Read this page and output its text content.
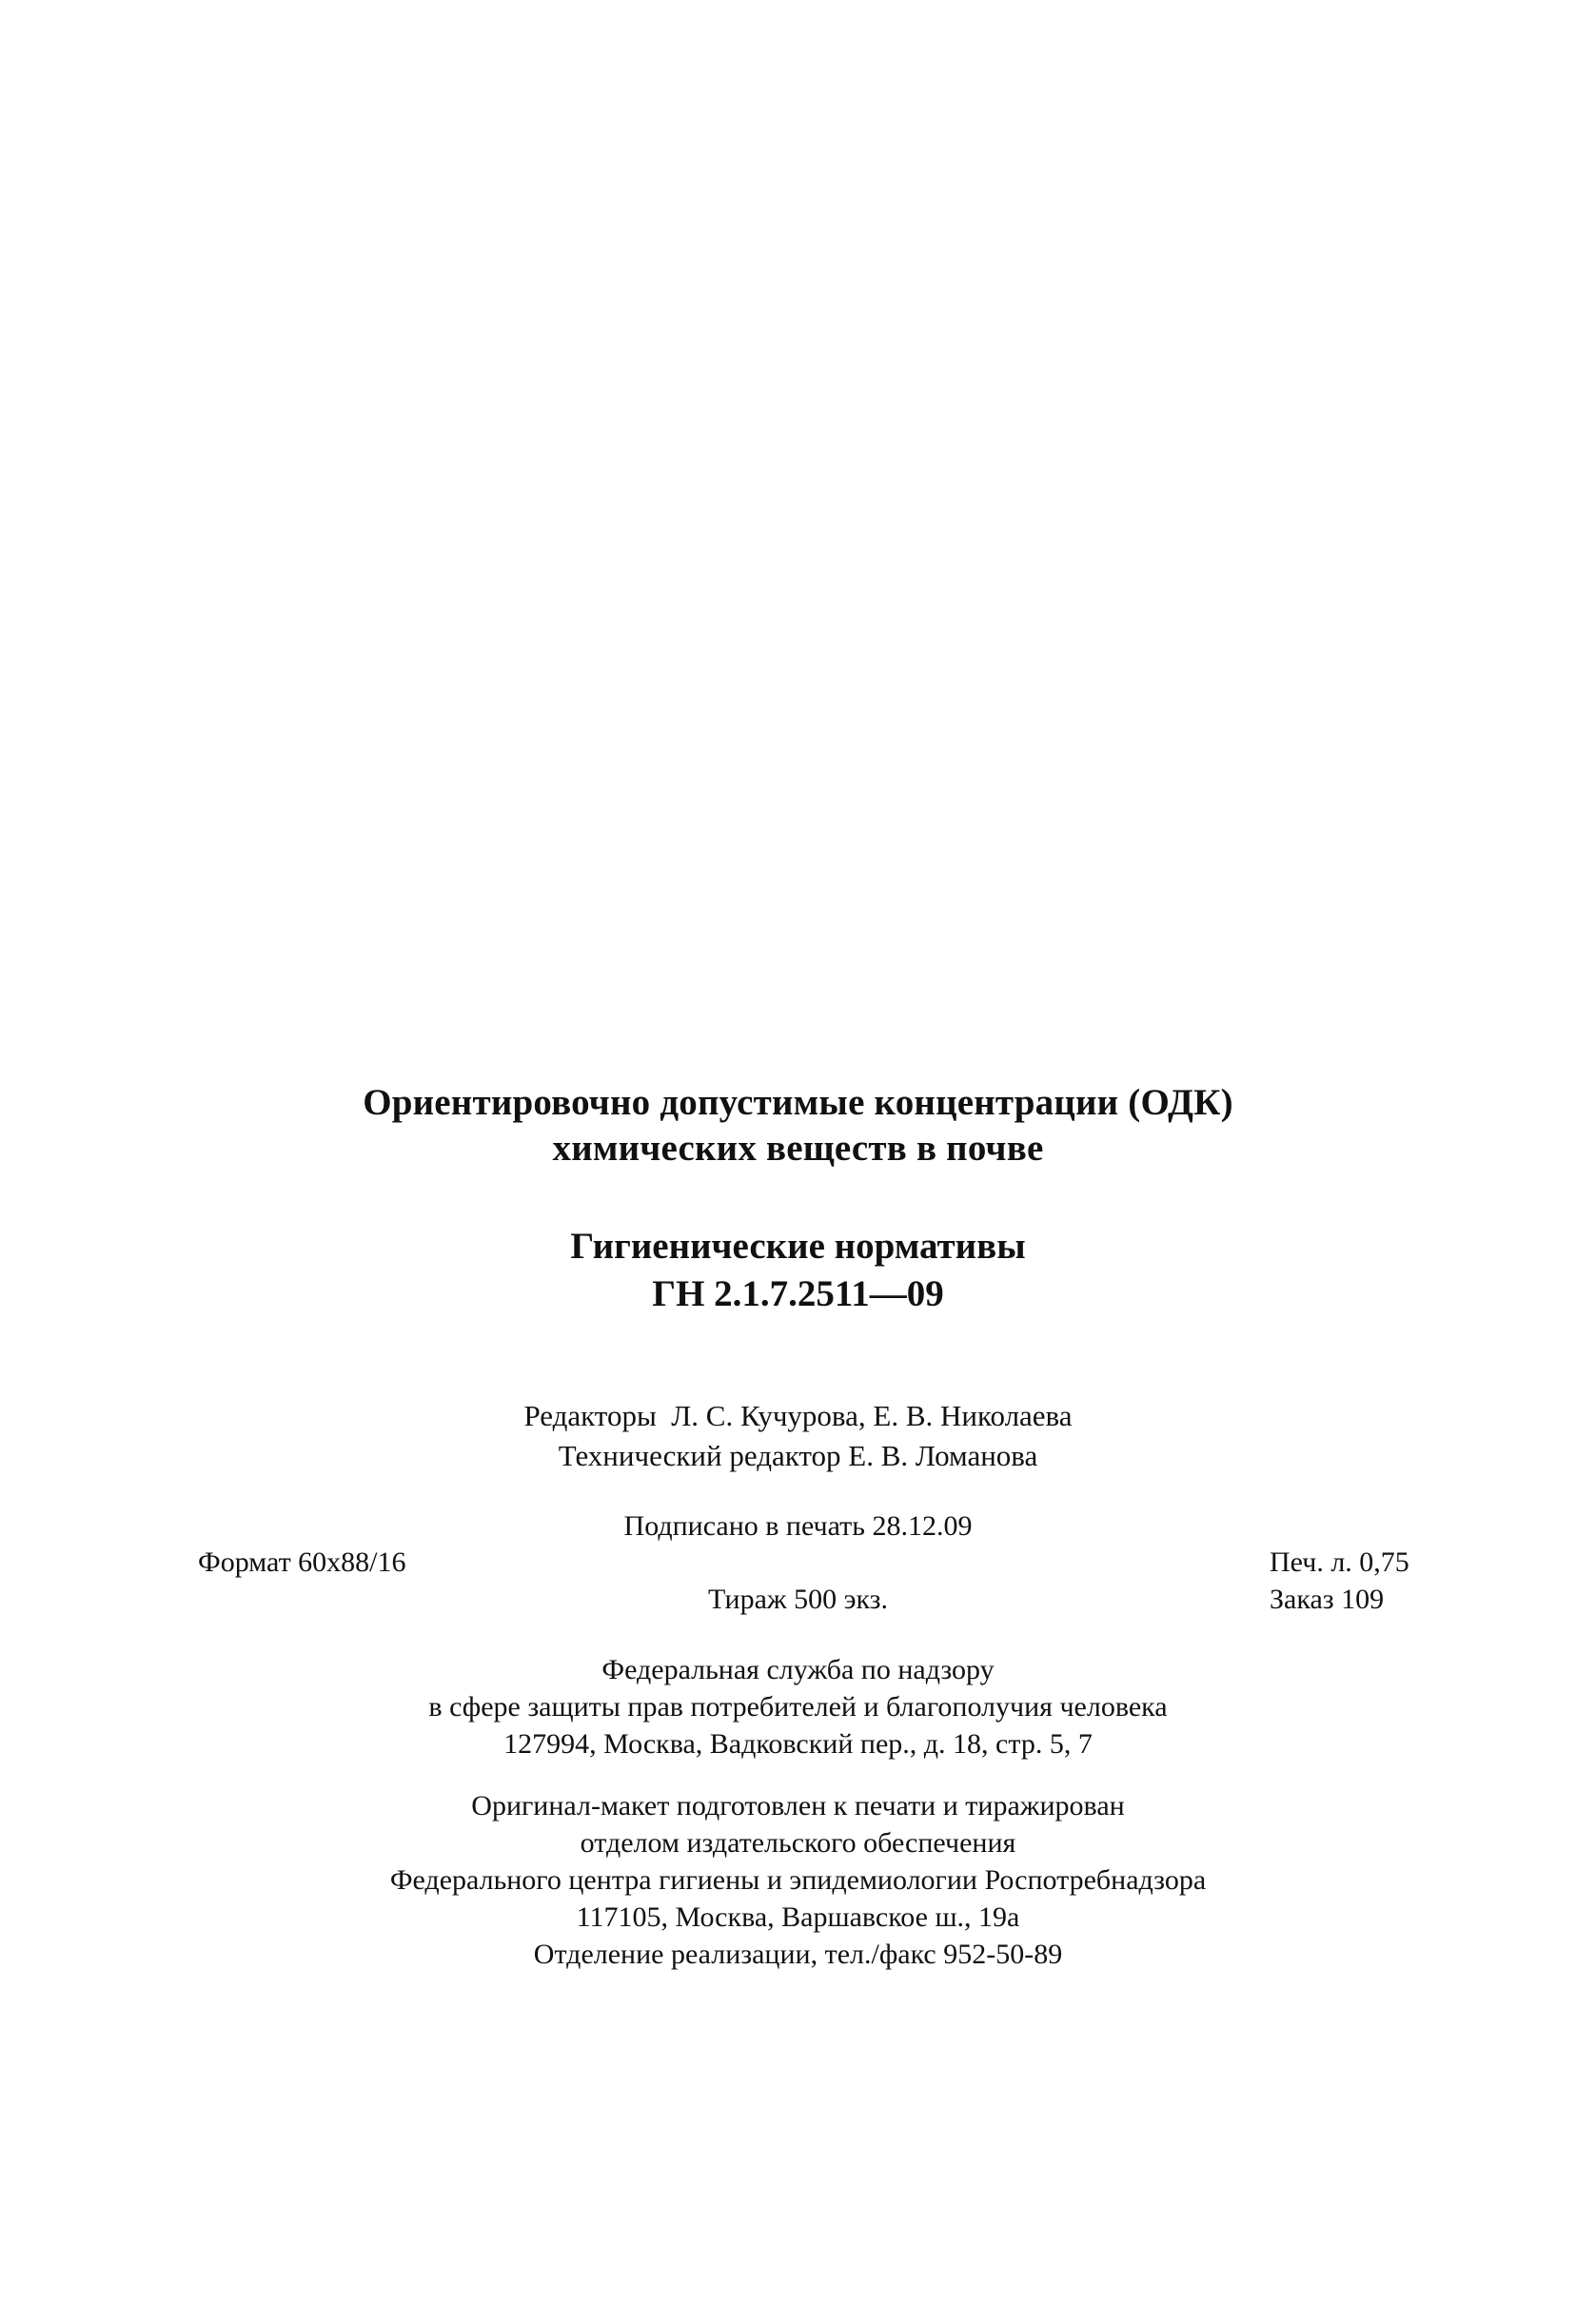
Ориентировочно допустимые концентрации (ОДК)
химических веществ в почве
Гигиенические нормативы
ГН 2.1.7.2511—09
Редакторы  Л. С. Кучурова, Е. В. Николаева
Технический редактор Е. В. Ломанова
Подписано в печать 28.12.09
Формат 60x88/16	Печ. л. 0,75
Тираж 500 экз.	Заказ 109
Федеральная служба по надзору
в сфере защиты прав потребителей и благополучия человека
127994, Москва, Вадковский пер., д. 18, стр. 5, 7
Оригинал-макет подготовлен к печати и тиражирован
отделом издательского обеспечения
Федерального центра гигиены и эпидемиологии Роспотребнадзора
117105, Москва, Варшавское ш., 19а
Отделение реализации, тел./факс 952-50-89
